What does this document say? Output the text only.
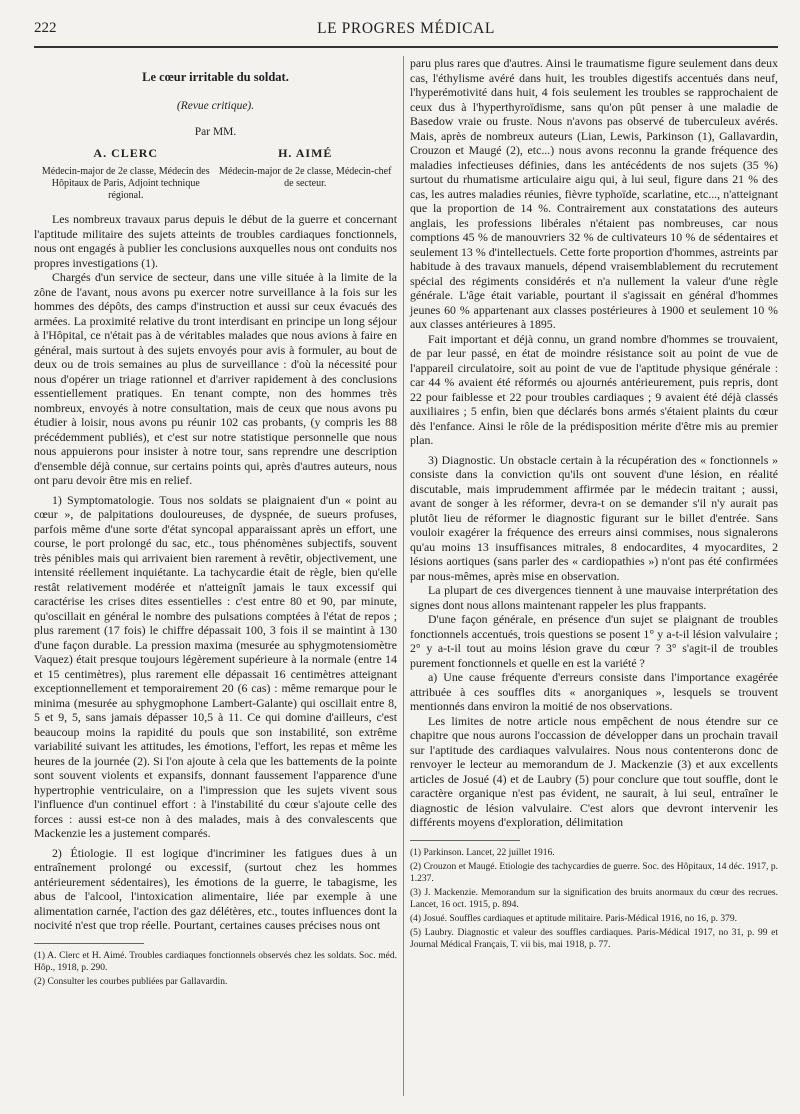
222	LE PROGRES MÉDICAL
Le cœur irritable du soldat.
(Revue critique).
Par MM.
A. CLERC
Médecin-major de 2e classe, Médecin des Hôpitaux de Paris, Adjoint technique régional.
H. AIMÉ
Médecin-major de 2e classe, Médecin-chef de secteur.

Les nombreux travaux parus depuis le début de la guerre et concernant l'aptitude militaire des sujets atteints de troubles cardiaques fonctionnels, nous ont engagés à publier les conclusions auxquelles nous ont conduits nos propres investigations (1).

Chargés d'un service de secteur, dans une ville située à la limite de la zône de l'avant, nous avons pu exercer notre surveillance à la fois sur les hommes des dépôts, des camps d'instruction et aussi sur ceux évacués des armées. La proximité relative du tront interdisant en principe un long séjour à l'Hôpital, ce n'était pas à de véritables malades que nous avions à faire en général, mais surtout à des sujets envoyés pour avis à formuler, au bout de deux ou de trois semaines au plus de surveillance : d'où la nécessité pour nous d'opérer un triage rationnel et d'arriver rapidement à des conclusions essentiellement pratiques. En tenant compte, non des hommes très nombreux, envoyés à notre consultation, mais de ceux que nous avons pu étudier à loisir, nous avons pu réunir 102 cas probants, (y compris les 88 précédemment publiés), et c'est sur notre statistique personnelle que nous nous appuierons pour insister à notre tour, sans reprendre une description d'ensemble déjà connue, sur certains points qui, après d'autres auteurs, nous ont paru devoir être mis en relief.

1) Symptomatologie. Tous nos soldats se plaignaient d'un « point au cœur », de palpitations douloureuses, de dyspnée, de sueurs profuses, parfois même d'une sorte d'état syncopal apparaissant après un effort, une course, le port prolongé du sac, etc., tous phénomènes subjectifs, souvent très pénibles mais qui arrivaient bien rarement à revêtir, objectivement, une intensité réellement inquiétante. La tachycardie était de règle, bien qu'elle restât relativement modérée et n'atteignît jamais le taux excessif qui caractérise les crises dites essentielles : c'est entre 80 et 90, par minute, qu'oscillait en général le nombre des pulsations comptées à l'état de repos ; plus rarement (17 fois) le chiffre dépassait 100, 3 fois il se maintint à 130 d'une façon durable. La pression maxima (mesurée au sphygmotensiomètre Vaquez) était presque toujours légèrement supérieure à la normale (entre 14 et 15 centimètres), plus rarement elle dépassait 16 centimètres atteignant exceptionnellement et temporairement 20 (6 cas) : même remarque pour le minima (mesurée au sphygmophone Lambert-Galante) qui oscillait entre 8, 5 et 9, 5, sans jamais dépasser 10,5 à 11. Ce qui domine d'ailleurs, c'est beaucoup moins la rapidité du pouls que son instabilité, son extrême variabilité suivant les attitudes, les émotions, l'effort, les repas et même les heures de la journée (2). Si l'on ajoute à cela que les battements de la pointe sont souvent violents et expansifs, donnant faussement l'apparence d'une hypertrophie ventriculaire, on a l'impression que les sujets vivent sous l'influence d'un continuel effort : à l'instabilité du cœur s'ajoute celle des forces : aussi est-ce non à des malades, mais à des convalescents que Mackenzie les a justement comparés.

2) Étiologie. Il est logique d'incriminer les fatigues dues à un entraînement prolongé ou excessif, (surtout chez les hommes antérieurement sédentaires), les émotions de la guerre, le tabagisme, les abus de l'alcool, l'intoxication alimentaire, liée par exemple à une alimentation carnée, l'action des gaz délétères, etc., toutes influences dont la nocivité n'est que trop réelle. Pourtant, certaines causes précises nous ont

(1) A. Clerc et H. Aimé. Troubles cardiaques fonctionnels observés chez les soldats. Soc. méd. Hôp., 1918, p. 290.
(2) Consulter les courbes publiées par Gallavardin.

paru plus rares que d'autres. Ainsi le traumatisme figure seulement dans deux cas, l'éthylisme avéré dans huit, les troubles digestifs accentués dans neuf, l'hyperémotivité dans huit, 4 fois seulement les troubles se rapprochaient de ceux dus à l'hyperthyroïdisme, sans qu'on pût penser à une maladie de Basedow vraie ou fruste. Nous n'avons pas observé de tuberculeux avérés. Mais, après de nombreux auteurs (Lian, Lewis, Parkinson (1), Gallavardin, Crouzon et Maugé (2), etc...) nous avons reconnu la grande fréquence des maladies infectieuses définies, dans les antécédents de nos sujets (35 %) surtout du rhumatisme articulaire aigu qui, à lui seul, figure dans 21 % des cas, les autres maladies réunies, fièvre typhoïde, scarlatine, etc..., n'atteignant que la proportion de 14 %. Contrairement aux constatations des auteurs anglais, les professions libérales n'étaient pas nombreuses, car nous comptions 45 % de manouvriers 32 % de cultivateurs 10 % de sédentaires et seulement 13 % d'intellectuels. Cette forte proportion d'hommes, astreints par habitude à des travaux manuels, dépend vraisemblablement du recrutement spécial des régiments considérés et n'a nullement la valeur d'une règle générale. L'âge était variable, pourtant il s'agissait en général d'hommes jeunes 60 % appartenant aux classes postérieures à 1900 et seulement 10 % aux classes antérieures à 1895.

Fait important et déjà connu, un grand nombre d'hommes se trouvaient, de par leur passé, en état de moindre résistance soit au point de vue de l'appareil circulatoire, soit au point de vue de l'aptitude physique générale : car 44 % avaient été réformés ou ajournés antérieurement, puis repris, dont 22 pour faiblesse et 22 pour troubles cardiaques ; 9 avaient été déjà classés auxiliaires ; 5 enfin, bien que déclarés bons armés s'étaient plaints du cœur dès l'enfance. Ainsi le rôle de la prédisposition mérite d'être mis au premier plan.

3) Diagnostic. Un obstacle certain à la récupération des « fonctionnels » consiste dans la conviction qu'ils ont souvent d'une lésion, en réalité discutable, mais imprudemment affirmée par le médecin traitant ; aussi, avant de songer à les réformer, devra-t on se demander s'il n'y aurait pas plutôt lieu de réformer le diagnostic figurant sur le billet d'entrée. Sans vouloir exagérer la fréquence des erreurs ainsi commises, nous signalerons qu'au moins 13 insuffisances mitrales, 8 endocardites, 4 myocardites, 2 lésions aortiques (sans parler des « cardiopathies ») n'ont pas été confirmées par nous-mêmes, après mise en observation.

La plupart de ces divergences tiennent à une mauvaise interprétation des signes dont nous allons maintenant rappeler les plus frappants.

D'une façon générale, en présence d'un sujet se plaignant de troubles fonctionnels accentués, trois questions se posent 1° y a-t-il lésion valvulaire ; 2° y a-t-il tout au moins lésion grave du cœur ? 3° s'agit-il de troubles purement fonctionnels et quelle en est la variété ?

a) Une cause fréquente d'erreurs consiste dans l'importance exagérée attribuée à ces souffles dits « anorganiques », lesquels se trouvent mentionnés dans environ la moitié de nos observations.

Les limites de notre article nous empêchent de nous étendre sur ce chapitre que nous aurons l'occassion de développer dans un prochain travail sur l'aptitude des cardiaques valvulaires. Nous nous contenterons donc de renvoyer le lecteur au memorandum de J. Mackenzie (3) et aux excellents articles de Josué (4) et de Laubry (5) pour conclure que tout souffle, dont le caractère organique n'est pas évident, ne saurait, à lui seul, entraîner le diagnostic de lésion valvulaire. C'est alors que devront intervenir les différents moyens d'exploration, délimitation

(1) Parkinson. Lancet, 22 juillet 1916.
(2) Crouzon et Maugé. Etiologie des tachycardies de guerre. Soc. des Hôpitaux, 14 déc. 1917, p. 1.237.
(3) J. Mackenzie. Memorandum sur la signification des bruits anormaux du cœur des recrues. Lancet, 16 oct. 1915, p. 894.
(4) Josué. Souffles cardiaques et aptitude militaire. Paris-Médical 1916, no 16, p. 379.
(5) Laubry. Diagnostic et valeur des souffles cardiaques. Paris-Médical 1917, no 31, p. 99 et Journal Médical Français, T. vii bis, mai 1918, p. 77.
